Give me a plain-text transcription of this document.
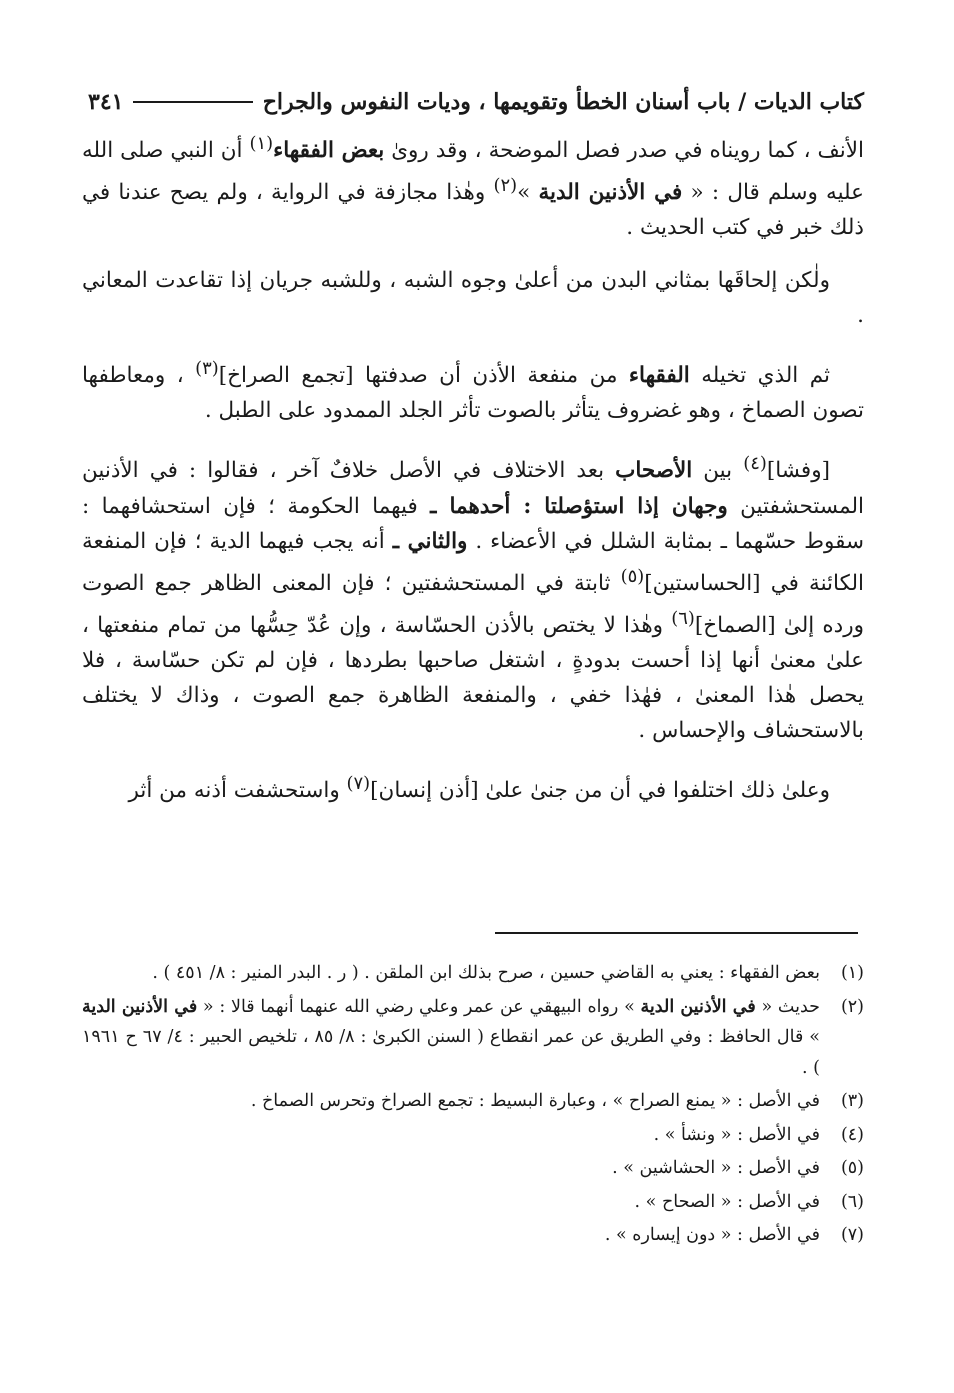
كتاب الديات / باب أسنان الخطأ وتقويمها ، وديات النفوس والجراح
٣٤١

الأنف ، كما رويناه في صدر فصل الموضحة ، وقد روىٰ بعض الفقهاء$^{(١)}$ أن النبي صلى الله عليه وسلم قال : « في الأذنين الدية »$^{(٢)}$ وهٰذا مجازفة في الرواية ، ولم يصح عندنا في ذلك خبر في كتب الحديث .

ولٰكن إلحاقَها بمثاني البدن من أعلىٰ وجوه الشبه ، وللشبه جريان إذا تقاعدت المعاني .

ثم الذي تخيله الفقهاء من منفعة الأذن أن صدفتها [تجمع الصراخ]$^{(٣)}$ ، ومعاطفها تصون الصماخ ، وهو غضروف يتأثر بالصوت تأثر الجلد الممدود على الطبل .

[وفشا]$^{(٤)}$ بين الأصحاب بعد الاختلاف في الأصل خلافٌ آخر ، فقالوا : في الأذنين المستحشفتين وجهان إذا استؤصلتا : أحدهما ـ فيهما الحكومة ؛ فإن استحشافهما : سقوط حسّهما ـ بمثابة الشلل في الأعضاء . والثاني ـ أنه يجب فيهما الدية ؛ فإن المنفعة الكائنة في [الحساستين]$^{(٥)}$ ثابتة في المستحشفتين ؛ فإن المعنى الظاهر جمع الصوت ورده إلىٰ [الصماخ]$^{(٦)}$ وهٰذا لا يختص بالأذن الحسّاسة ، وإن عُدّ حِسُّها من تمام منفعتها ، علىٰ معنىٰ أنها إذا أحست بدودةٍ ، اشتغل صاحبها بطردها ، فإن لم تكن حسّاسة ، فلا يحصل هٰذا المعنىٰ ، فهٰذا خفي ، والمنفعة الظاهرة جمع الصوت ، وذاك لا يختلف بالاستحشاف والإحساس .

وعلىٰ ذلك اختلفوا في أن من جنىٰ علىٰ [أذن إنسان]$^{(٧)}$ واستحشفت أذنه من أثر

(١)
بعض الفقهاء : يعني به القاضي حسين ، صرح بذلك ابن الملقن . ( ر . البدر المنير : ٨/ ٤٥١ ) .
(٢)
حديث « في الأذنين الدية » رواه البيهقي عن عمر وعلي رضي الله عنهما أنهما قالا : « في الأذنين الدية » قال الحافظ : وفي الطريق عن عمر انقطاع ( السنن الكبرىٰ : ٨/ ٨٥ ، تلخيص الحبير : ٤/ ٦٧ ح ١٩٦١ ) .
(٣)
في الأصل : « يمنع الصراح » ، وعبارة البسيط : تجمع الصراخ وتحرس الصماخ .
(٤)
في الأصل : « ونشأ » .
(٥)
في الأصل : « الحشاشين » .
(٦)
في الأصل : « الصحاح » .
(٧)
في الأصل : « دون إيساره » .
